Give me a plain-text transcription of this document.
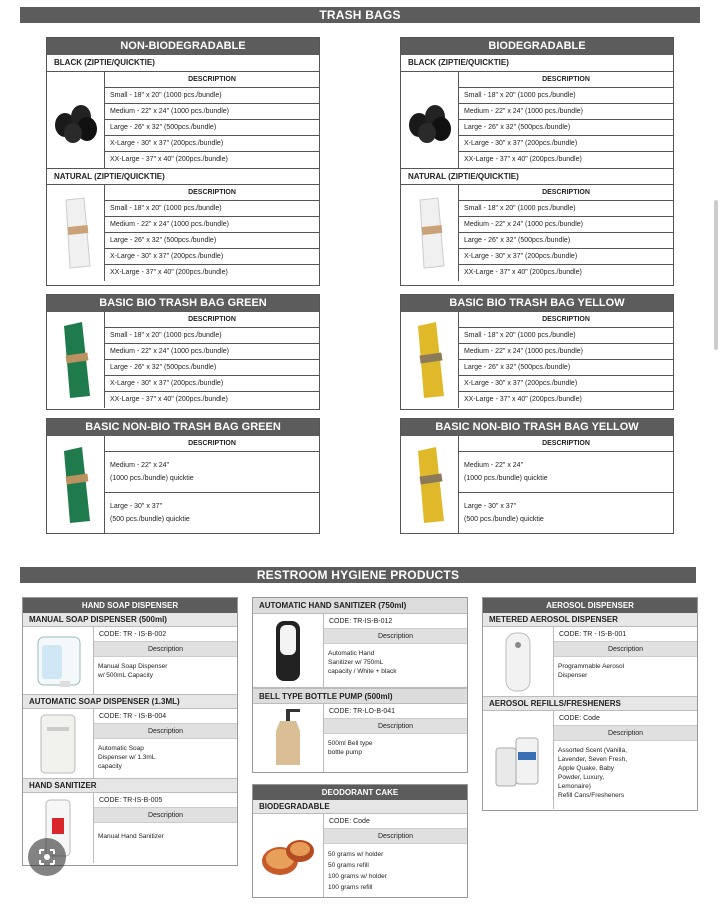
TRASH BAGS
NON-BIODEGRADABLE
BLACK (ZIPTIE/QUICKTIE)
DESCRIPTION
Small - 18" x 20" (1000 pcs./bundle)
Medium - 22" x 24" (1000 pcs./bundle)
Large - 26" x 32" (500pcs./bundle)
X-Large - 30" x 37" (200pcs./bundle)
XX-Large - 37" x 40" (200pcs./bundle)
NATURAL (ZIPTIE/QUICKTIE)
DESCRIPTION
Small - 18" x 20" (1000 pcs./bundle)
Medium - 22" x 24" (1000 pcs./bundle)
Large - 26" x 32" (500pcs./bundle)
X-Large - 30" x 37" (200pcs./bundle)
XX-Large - 37" x 40" (200pcs./bundle)
BIODEGRADABLE
BLACK (ZIPTIE/QUICKTIE)
DESCRIPTION
Small - 18" x 20" (1000 pcs./bundle)
Medium - 22" x 24" (1000 pcs./bundle)
Large - 26" x 32" (500pcs./bundle)
X-Large - 30" x 37" (200pcs./bundle)
XX-Large - 37" x 40" (200pcs./bundle)
NATURAL (ZIPTIE/QUICKTIE)
DESCRIPTION
Small - 18" x 20" (1000 pcs./bundle)
Medium - 22" x 24" (1000 pcs./bundle)
Large - 26" x 32" (500pcs./bundle)
X-Large - 30" x 37" (200pcs./bundle)
XX-Large - 37" x 40" (200pcs./bundle)
BASIC BIO TRASH BAG GREEN
DESCRIPTION
Small - 18" x 20" (1000 pcs./bundle)
Medium - 22" x 24" (1000 pcs./bundle)
Large - 26" x 32" (500pcs./bundle)
X-Large - 30" x 37" (200pcs./bundle)
XX-Large - 37" x 40" (200pcs./bundle)
BASIC BIO TRASH BAG YELLOW
DESCRIPTION
Small - 18" x 20" (1000 pcs./bundle)
Medium - 22" x 24" (1000 pcs./bundle)
Large - 26" x 32" (500pcs./bundle)
X-Large - 30" x 37" (200pcs./bundle)
XX-Large - 37" x 40" (200pcs./bundle)
BASIC NON-BIO TRASH BAG GREEN
DESCRIPTION
Medium - 22" x 24"
(1000 pcs./bundle) quicktie
Large - 30" x 37"
(500 pcs./bundle) quicktie
BASIC NON-BIO TRASH BAG YELLOW
DESCRIPTION
Medium - 22" x 24"
(1000 pcs./bundle) quicktie
Large - 30" x 37"
(500 pcs./bundle) quicktie
RESTROOM HYGIENE PRODUCTS
HAND SOAP DISPENSER
MANUAL SOAP DISPENSER (500ml)
CODE: TR - IS-B-002
Description
Manual Soap Dispenser
w/ 500mL Capacity
AUTOMATIC SOAP DISPENSER (1.3ML)
CODE: TR - IS-B-004
Description
Automatic Soap
Dispenser w/ 1.3mL
capacity
HAND SANITIZER
CODE: TR-IS-B-005
Description
Manual Hand Sanitizer
AUTOMATIC HAND SANITIZER (750ml)
CODE: TR-IS-B-012
Description
Automatic Hand
Sanitizer w/ 750mL
capacity / White + black
BELL TYPE BOTTLE PUMP (500ml)
CODE: TR-LO-B-041
Description
500ml Bell type
bottle pump
DEODORANT CAKE
BIODEGRADABLE
CODE: Code
Description
50 grams w/ holder
50 grams refill
100 grams w/ holder
100 grams refill
AEROSOL DISPENSER
METERED AEROSOL DISPENSER
CODE: TR - IS-B-001
Description
Programmable Aerosol
Dispenser
AEROSOL REFILLS/FRESHENERS
CODE: Code
Description
Assorted Scent (Vanilla,
Lavender, Seven Fresh,
Apple Quake, Baby
Powder, Luxury,
Lemonaire)
Refill Cans/Fresheners
